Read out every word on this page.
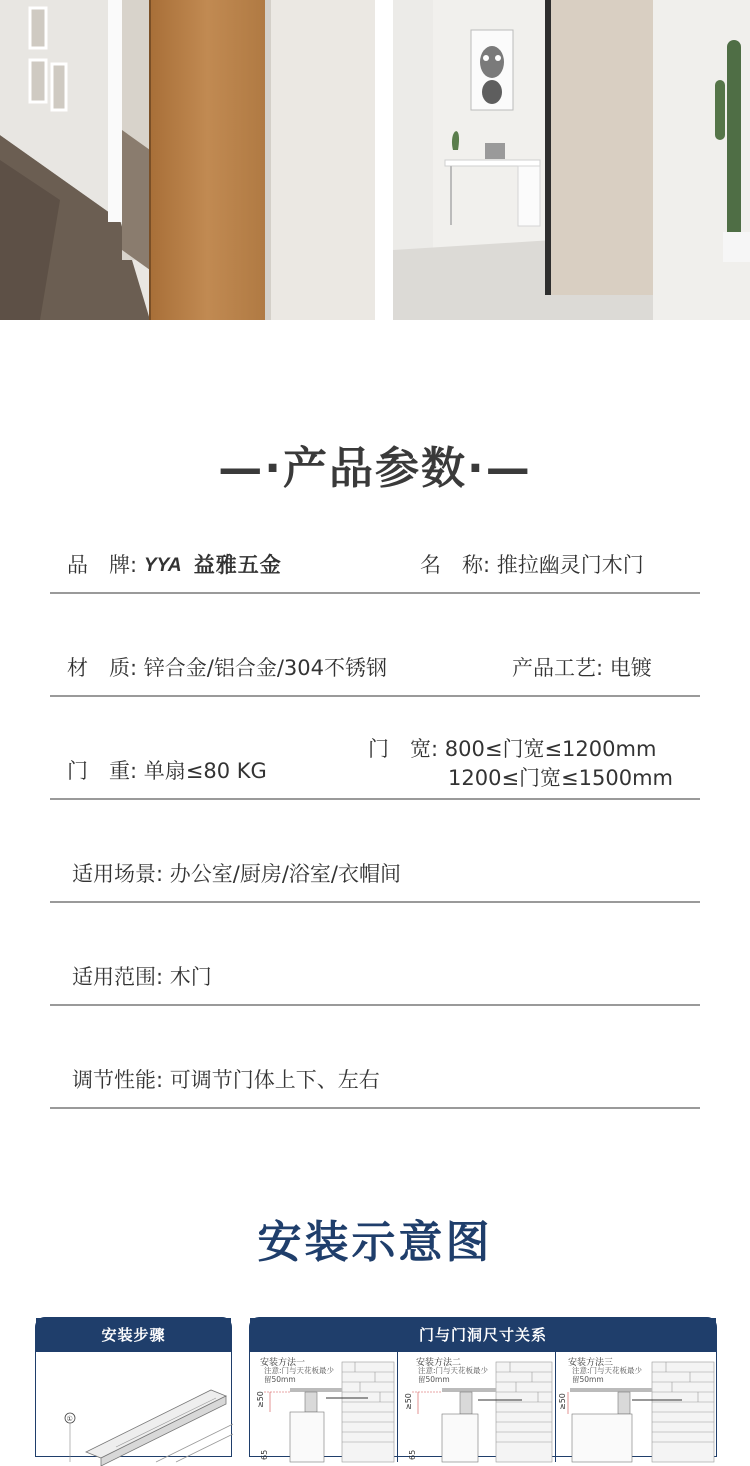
—·产品参数·—
品　牌: YYA 益雅五金	名　称: 推拉幽灵门木门
材　质: 锌合金/铝合金/304不锈钢	产品工艺: 电镀
门　重: 单扇≤80 KG
门　宽: 800≤门宽≤1200mm
1200≤门宽≤1500mm
适用场景: 办公室/厨房/浴室/衣帽间
适用范围: 木门
调节性能: 可调节门体上下、左右
安装示意图
安装步骤
①
门与门洞尺寸关系
安装方法一
注意:门与天花板最少
留50mm
≥50
65
安装方法二
注意:门与天花板最少
留50mm
≥50
65
安装方法三
注意:门与天花板最少
留50mm
≥50
